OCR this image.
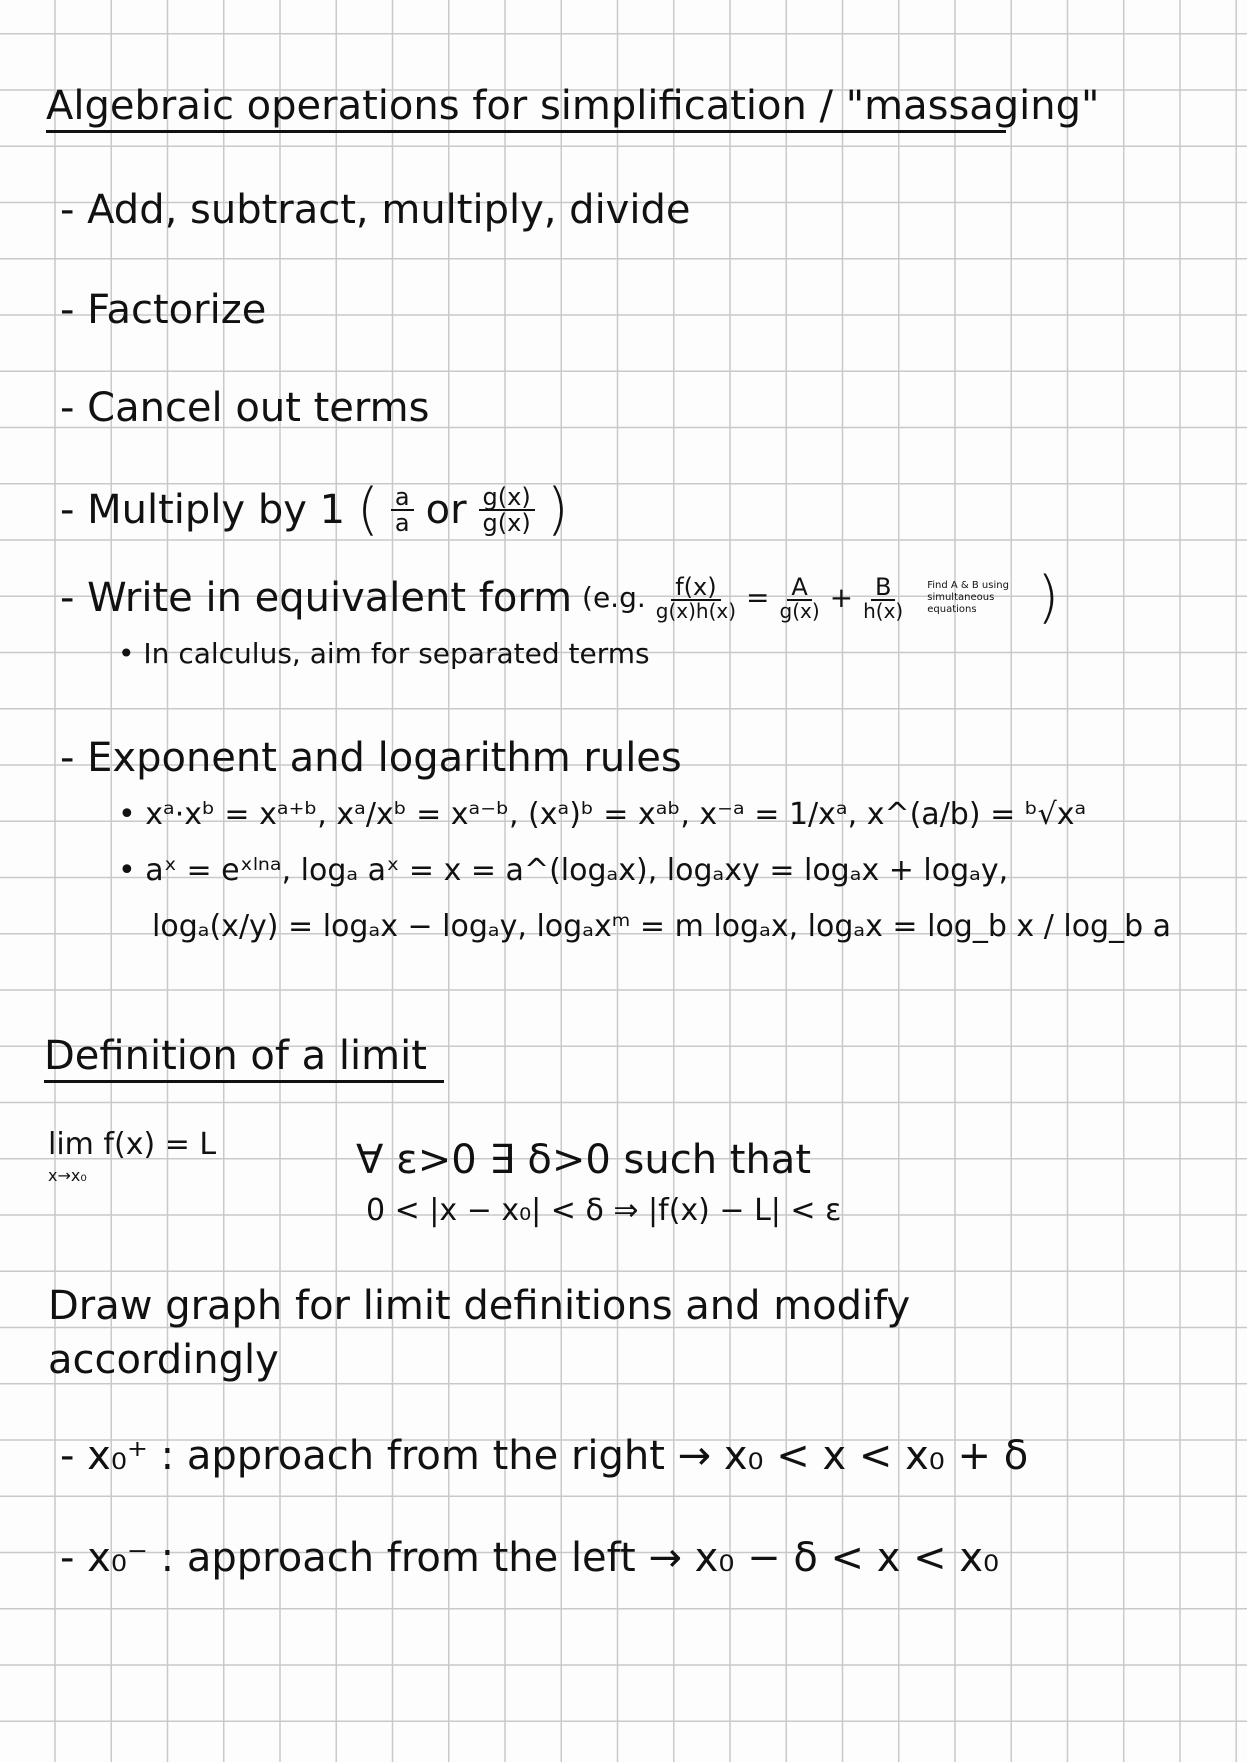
Algebraic operations for simplification / "massaging"
- Add, subtract, multiply, divide
- Factorize
- Cancel out terms
- Multiply by 1 ( $\frac{a}{a}$ or $\frac{g(x)}{g(x)}$ )
- Write in equivalent form (e.g. $\frac{f(x)}{g(x)h(x)} = \frac{A}{g(x)} + \frac{B}{h(x)}$ Find A & B using simultaneous equations	)
• In calculus, aim for separated terms
- Exponent and logarithm rules
• xᵃ·xᵇ = xᵃ⁺ᵇ, xᵃ/xᵇ = xᵃ⁻ᵇ, (xᵃ)ᵇ = xᵃᵇ, x⁻ᵃ = 1/xᵃ, x^(a/b) = ᵇ√xᵃ
• aˣ = eˣˡⁿᵃ, logₐ aˣ = x = a^(logₐx), logₐxy = logₐx + logₐy,
logₐ(x/y) = logₐx − logₐy, logₐxᵐ = m logₐx, logₐx = log_b x / log_b a
Definition of a limit
lim f(x) = L
x→x₀	∀ ε>0 ∃ δ>0 such that
0 < |x − x₀| < δ ⇒ |f(x) − L| < ε
Draw graph for limit definitions and modify
accordingly
- x₀⁺ : approach from the right → x₀ < x < x₀ + δ
- x₀⁻ : approach from the left → x₀ − δ < x < x₀
